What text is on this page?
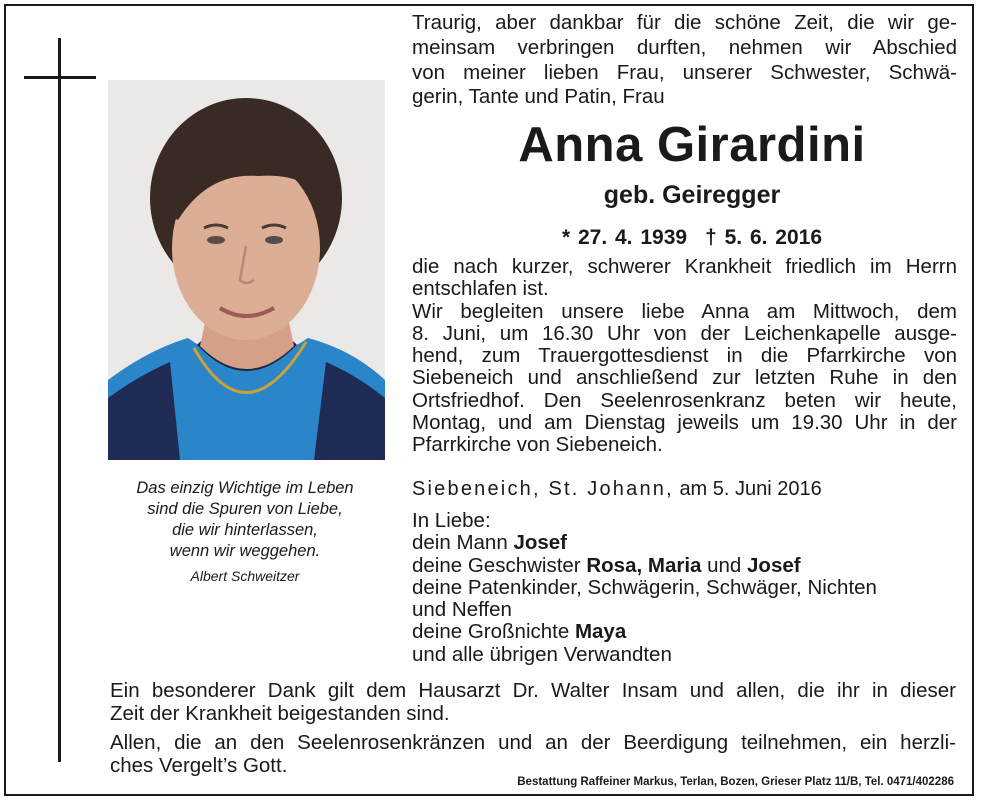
Das einzig Wichtige im Leben
sind die Spuren von Liebe,
die wir hinterlassen,
wenn wir weggehen.
Albert Schweitzer
Traurig, aber dankbar für die schöne Zeit, die wir ge-
meinsam verbringen durften, nehmen wir Abschied
von meiner lieben Frau, unserer Schwester, Schwä-
gerin, Tante und Patin, Frau
Anna Girardini
geb. Geiregger
* 27. 4. 1939 † 5. 6. 2016
die nach kurzer, schwerer Krankheit friedlich im Herrn
entschlafen ist.
Wir begleiten unsere liebe Anna am Mittwoch, dem
8. Juni, um 16.30 Uhr von der Leichenkapelle ausge-
hend, zum Trauergottesdienst in die Pfarrkirche von
Siebeneich und anschließend zur letzten Ruhe in den
Ortsfriedhof. Den Seelenrosenkranz beten wir heute,
Montag, und am Dienstag jeweils um 19.30 Uhr in der
Pfarrkirche von Siebeneich.
Siebeneich, St. Johann, am 5. Juni 2016
In Liebe:
dein Mann Josef
deine Geschwister Rosa, Maria und Josef
deine Patenkinder, Schwägerin, Schwäger, Nichten
und Neffen
deine Großnichte Maya
und alle übrigen Verwandten
Ein besonderer Dank gilt dem Hausarzt Dr. Walter Insam und allen, die ihr in dieser
Zeit der Krankheit beigestanden sind.
Allen, die an den Seelenrosenkränzen und an der Beerdigung teilnehmen, ein herzli-
ches Vergelt’s Gott.
Bestattung Raffeiner Markus, Terlan, Bozen, Grieser Platz 11/B, Tel. 0471/402286
